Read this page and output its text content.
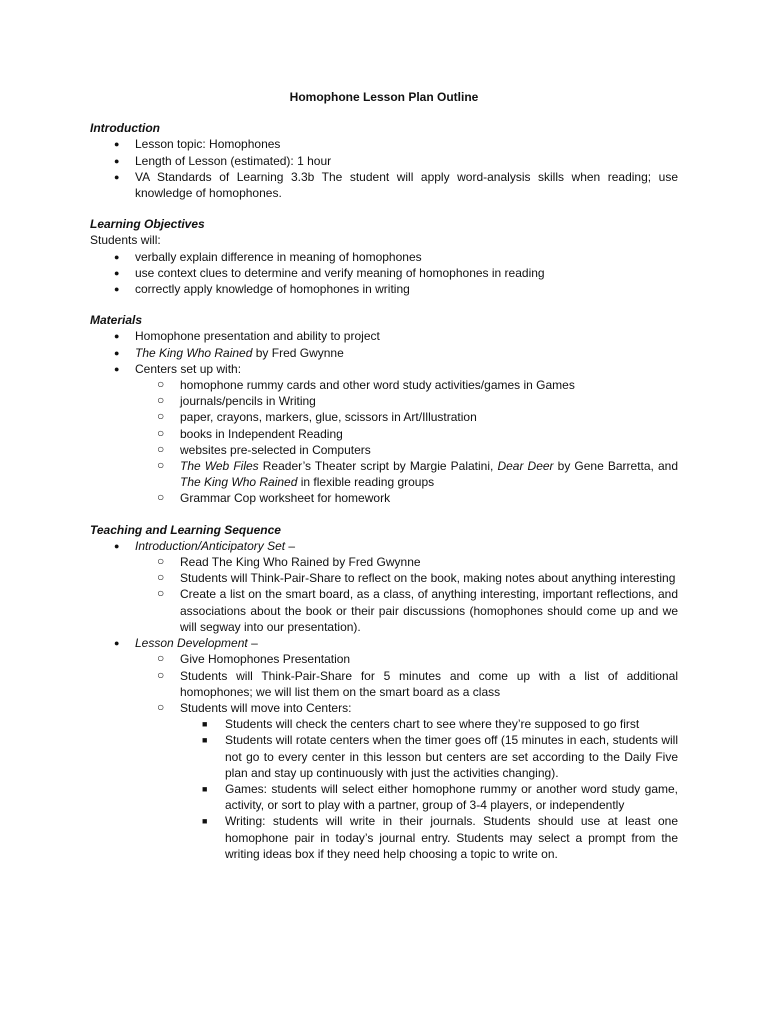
Homophone Lesson Plan Outline
Introduction
● Lesson topic: Homophones
● Length of Lesson (estimated): 1 hour
● VA Standards of Learning 3.3b The student will apply word-analysis skills when reading; use knowledge of homophones.
Learning Objectives
Students will:
● verbally explain difference in meaning of homophones
● use context clues to determine and verify meaning of homophones in reading
● correctly apply knowledge of homophones in writing
Materials
● Homophone presentation and ability to project
● The King Who Rained by Fred Gwynne
● Centers set up with:
○ homophone rummy cards and other word study activities/games in Games
○ journals/pencils in Writing
○ paper, crayons, markers, glue, scissors in Art/Illustration
○ books in Independent Reading
○ websites pre-selected in Computers
○ The Web Files Reader’s Theater script by Margie Palatini, Dear Deer by Gene Barretta, and The King Who Rained in flexible reading groups
○ Grammar Cop worksheet for homework
Teaching and Learning Sequence
● Introduction/Anticipatory Set –
○ Read The King Who Rained by Fred Gwynne
○ Students will Think-Pair-Share to reflect on the book, making notes about anything interesting
○ Create a list on the smart board, as a class, of anything interesting, important reflections, and associations about the book or their pair discussions (homophones should come up and we will segway into our presentation).
● Lesson Development –
○ Give Homophones Presentation
○ Students will Think-Pair-Share for 5 minutes and come up with a list of additional homophones; we will list them on the smart board as a class
○ Students will move into Centers:
■ Students will check the centers chart to see where they’re supposed to go first
■ Students will rotate centers when the timer goes off (15 minutes in each, students will not go to every center in this lesson but centers are set according to the Daily Five plan and stay up continuously with just the activities changing).
■ Games: students will select either homophone rummy or another word study game, activity, or sort to play with a partner, group of 3-4 players, or independently
■ Writing: students will write in their journals. Students should use at least one homophone pair in today’s journal entry. Students may select a prompt from the writing ideas box if they need help choosing a topic to write on.
